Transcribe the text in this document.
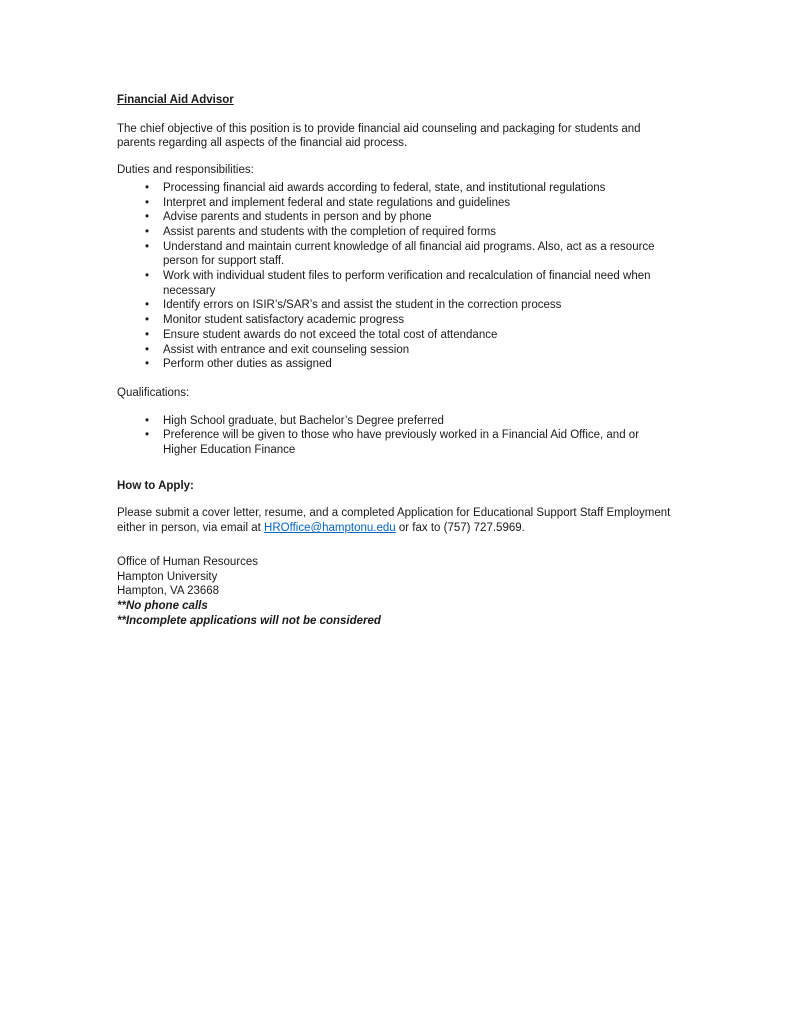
Financial Aid Advisor

The chief objective of this position is to provide financial aid counseling and packaging for students and parents regarding all aspects of the financial aid process.

Duties and responsibilities:
• Processing financial aid awards according to federal, state, and institutional regulations
• Interpret and implement federal and state regulations and guidelines
• Advise parents and students in person and by phone
• Assist parents and students with the completion of required forms
• Understand and maintain current knowledge of all financial aid programs. Also, act as a resource person for support staff.
• Work with individual student files to perform verification and recalculation of financial need when necessary
• Identify errors on ISIR’s/SAR’s and assist the student in the correction process
• Monitor student satisfactory academic progress
• Ensure student awards do not exceed the total cost of attendance
• Assist with entrance and exit counseling session
• Perform other duties as assigned
Qualifications:
• High School graduate, but Bachelor’s Degree preferred
• Preference will be given to those who have previously worked in a Financial Aid Office, and or Higher Education Finance
How to Apply:

Please submit a cover letter, resume, and a completed Application for Educational Support Staff Employment either in person, via email at HROffice@hamptonu.edu or fax to (757) 727.5969.

Office of Human Resources
Hampton University
Hampton, VA 23668
**No phone calls
**Incomplete applications will not be considered
